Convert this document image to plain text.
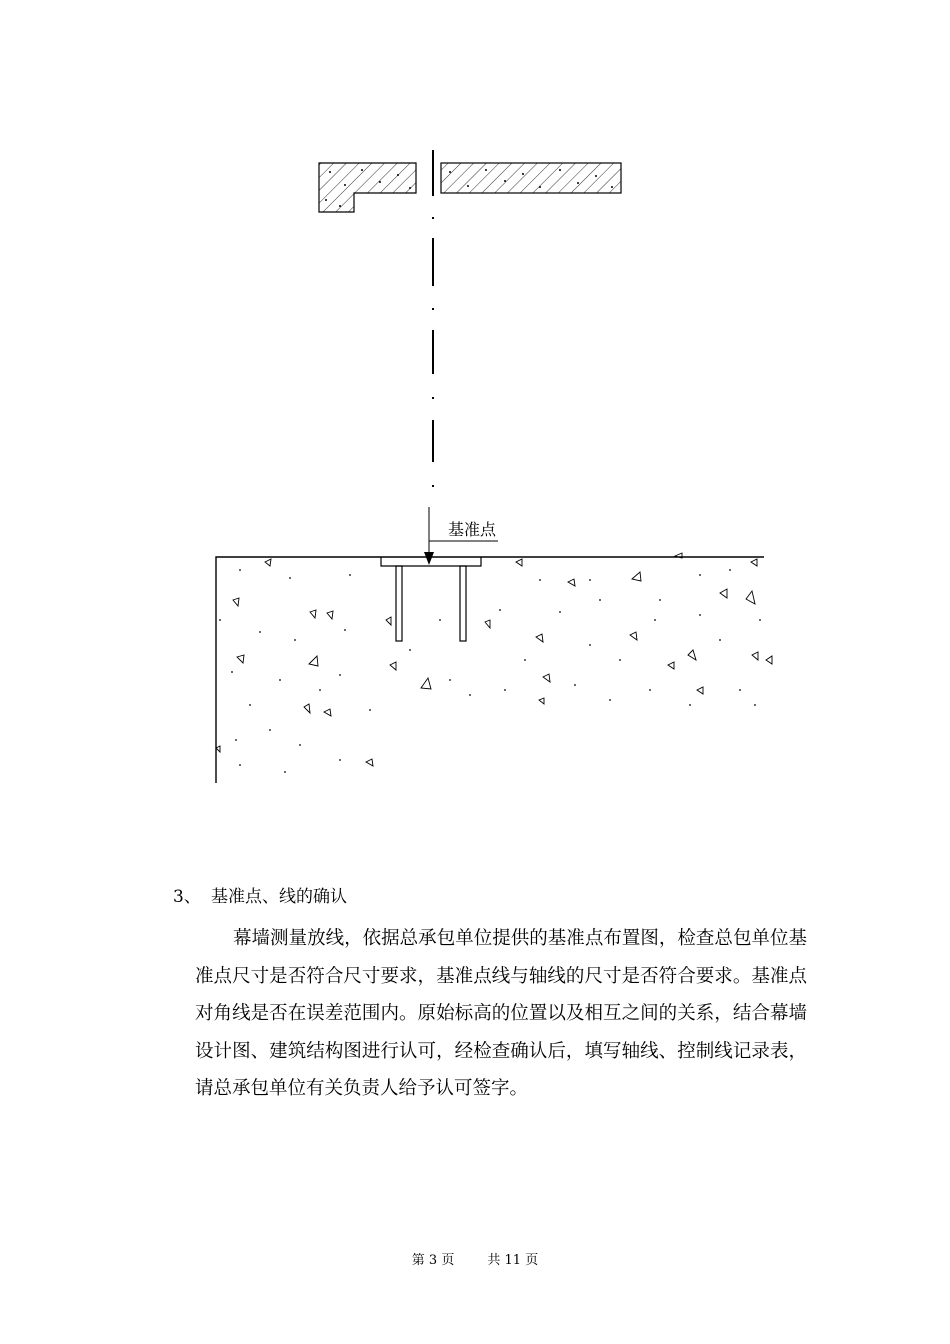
基准点
3、 基准点、线的确认

幕墙测量放线，依据总承包单位提供的基准点布置图，检查总包单位基准点尺寸是否符合尺寸要求，基准点线与轴线的尺寸是否符合要求。基准点对角线是否在误差范围内。原始标高的位置以及相互之间的关系，结合幕墙设计图、建筑结构图进行认可，经检查确认后，填写轴线、控制线记录表，请总承包单位有关负责人给予认可签字。

第 3 页	共 11 页
